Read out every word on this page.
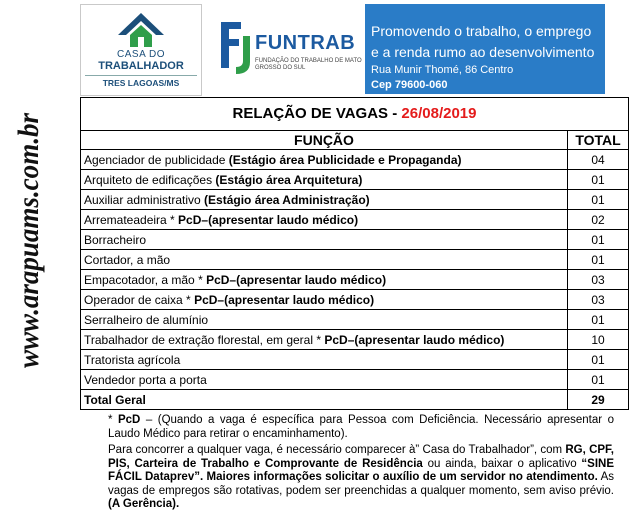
www.arapuams.com.br
CASA DO
TRABALHADOR
TRES LAGOAS/MS
FUNTRAB
FUNDAÇÃO DO TRABALHO DE MATO GROSSO DO SUL
Promovendo o trabalho, o emprego
e a renda rumo ao desenvolvimento
Rua Munir Thomé, 86 Centro
Cep 79600-060
RELAÇÃO DE VAGAS - 26/08/2019
FUNÇÃO	TOTAL
Agenciador de publicidade (Estágio área Publicidade e Propaganda)	04
Arquiteto de edificações (Estágio área Arquitetura)	01
Auxiliar administrativo (Estágio área Administração)	01
Arremateadeira * PcD–(apresentar laudo médico)	02
Borracheiro	01
Cortador, a mão	01
Empacotador, a mão * PcD–(apresentar laudo médico)	03
Operador de caixa * PcD–(apresentar laudo médico)	03
Serralheiro de alumínio	01
Trabalhador de extração florestal, em geral * PcD–(apresentar laudo médico)	10
Tratorista agrícola	01
Vendedor porta a porta	01
Total Geral	29

* PcD – (Quando a vaga é específica para Pessoa com Deficiência. Necessário apresentar o Laudo Médico para retirar o encaminhamento).

Para concorrer a qualquer vaga, é necessário comparecer à” Casa do Trabalhador”, com RG, CPF, PIS, Carteira de Trabalho e Comprovante de Residência ou ainda, baixar o aplicativo “SINE FÁCIL Dataprev”. Maiores informações solicitar o auxílio de um servidor no atendimento. As vagas de empregos são rotativas, podem ser preenchidas a qualquer momento, sem aviso prévio. (A Gerência).
